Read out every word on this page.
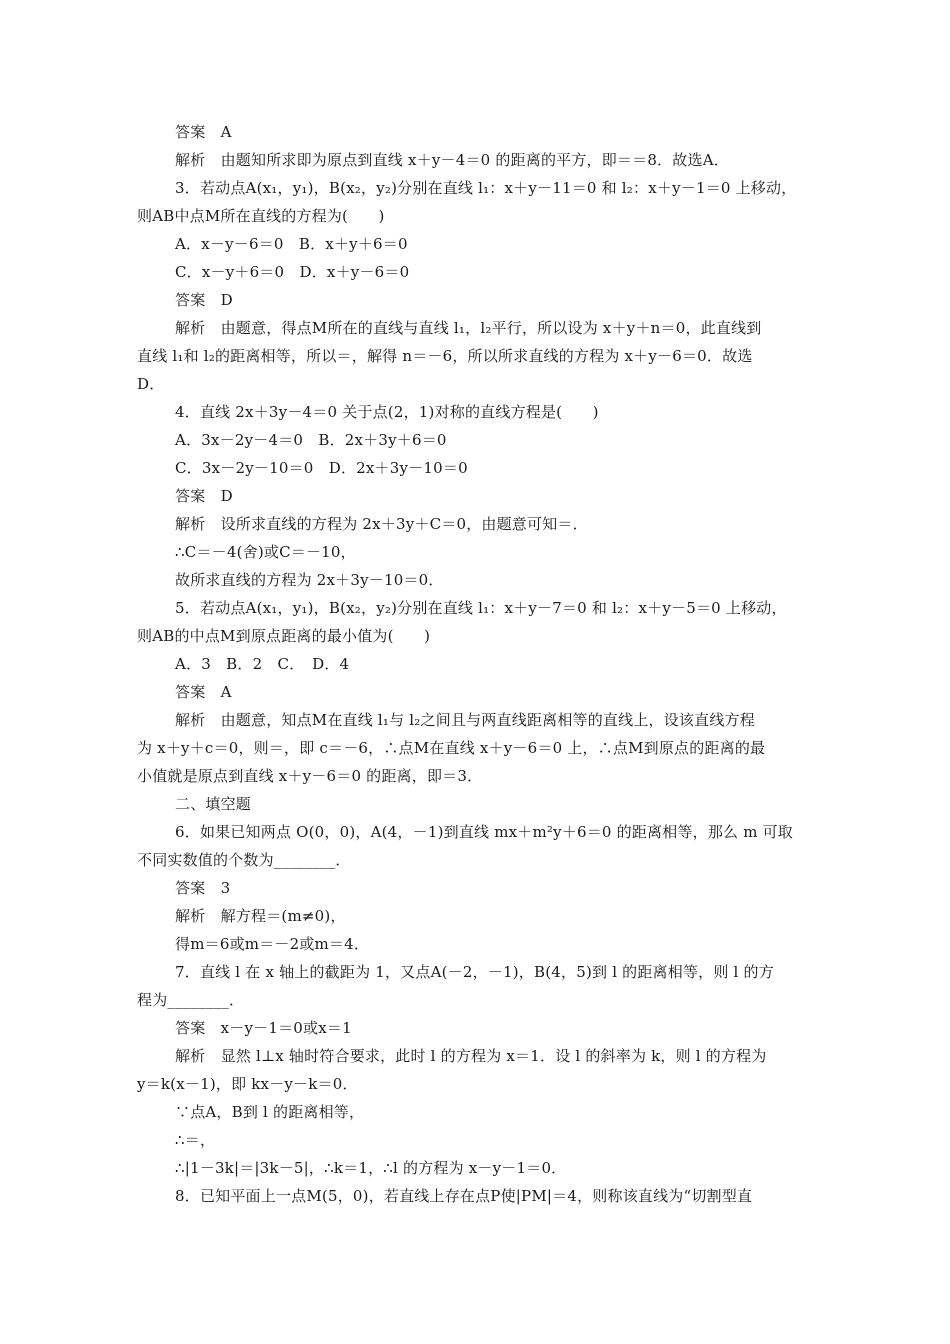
答案　A
解析　由题知所求即为原点到直线 x＋y－4＝0 的距离的平方，即＝＝8．故选A．
3．若动点A(x₁，y₁)，B(x₂，y₂)分别在直线 l₁：x＋y－11＝0 和 l₂：x＋y－1＝0 上移动，
则AB中点M所在直线的方程为(　　)
A．x－y－6＝0　B．x＋y＋6＝0
C．x－y＋6＝0　D．x＋y－6＝0
答案　D
解析　由题意，得点M所在的直线与直线 l₁，l₂平行，所以设为 x＋y＋n＝0，此直线到
直线 l₁和 l₂的距离相等，所以＝，解得 n＝－6，所以所求直线的方程为 x＋y－6＝0．故选
D．
4．直线 2x＋3y－4＝0 关于点(2，1)对称的直线方程是(　　)
A．3x－2y－4＝0　B．2x＋3y＋6＝0
C．3x－2y－10＝0　D．2x＋3y－10＝0
答案　D
解析　设所求直线的方程为 2x＋3y＋C＝0，由题意可知＝．
∴C＝－4(舍)或C＝－10，
故所求直线的方程为 2x＋3y－10＝0．
5．若动点A(x₁，y₁)，B(x₂，y₂)分别在直线 l₁：x＋y－7＝0 和 l₂：x＋y－5＝0 上移动，
则AB的中点M到原点距离的最小值为(　　)
A．3　B．2　C．　D．4
答案　A
解析　由题意，知点M在直线 l₁与 l₂之间且与两直线距离相等的直线上，设该直线方程
为 x＋y＋c＝0，则＝，即 c＝－6，∴点M在直线 x＋y－6＝0 上，∴点M到原点的距离的最
小值就是原点到直线 x＋y－6＝0 的距离，即＝3．
二、填空题
6．如果已知两点 O(0，0)，A(4，－1)到直线 mx＋m²y＋6＝0 的距离相等，那么 m 可取
不同实数值的个数为________．
答案　3
解析　解方程＝(m≠0)，
得m＝6或m＝－2或m＝4．
7．直线 l 在 x 轴上的截距为 1，又点A(－2，－1)，B(4，5)到 l 的距离相等，则 l 的方
程为________．
答案　x－y－1＝0或x＝1
解析　显然 l⊥x 轴时符合要求，此时 l 的方程为 x＝1．设 l 的斜率为 k，则 l 的方程为
y＝k(x－1)，即 kx－y－k＝0．
∵点A，B到 l 的距离相等，
∴＝，
∴|1－3k|＝|3k－5|，∴k＝1，∴l 的方程为 x－y－1＝0．
8．已知平面上一点M(5，0)，若直线上存在点P使|PM|＝4，则称该直线为“切割型直
